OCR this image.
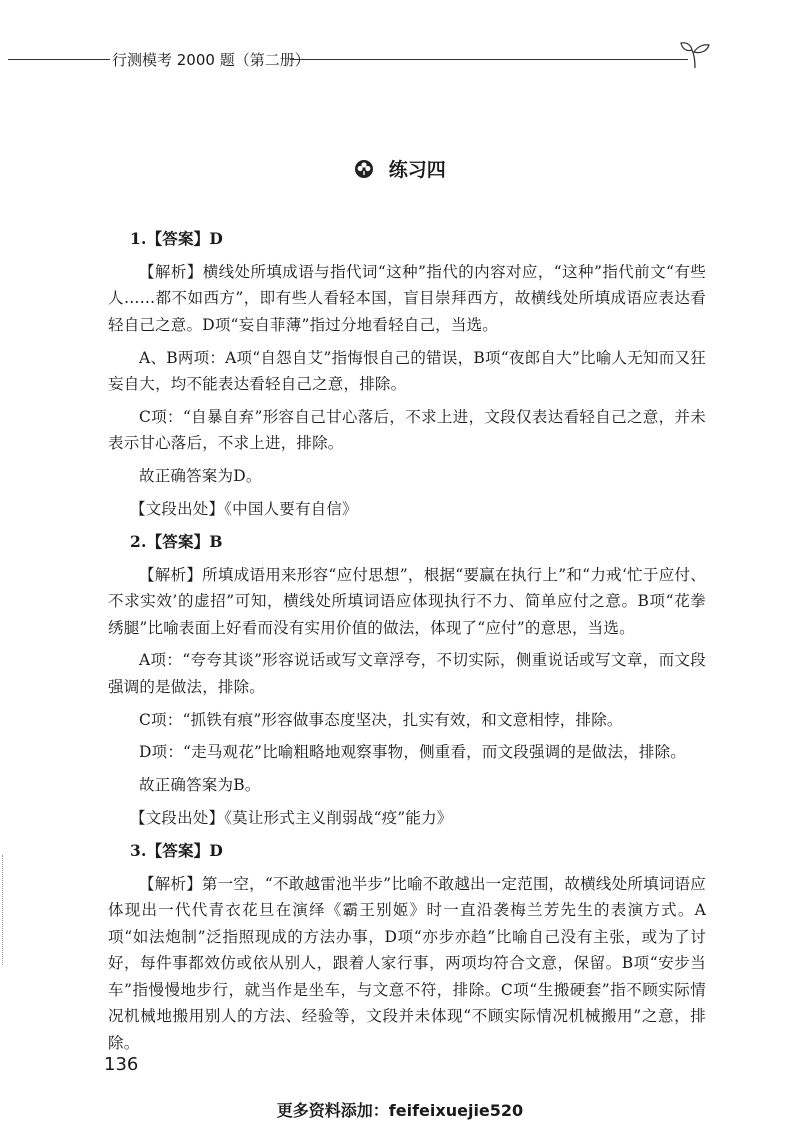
行测模考 2000 题（第二册）
练习四

1.【答案】D

【解析】横线处所填成语与指代词“这种”指代的内容对应，“这种”指代前文“有些人……都不如西方”，即有些人看轻本国，盲目崇拜西方，故横线处所填成语应表达看轻自己之意。D项“妄自菲薄”指过分地看轻自己，当选。

A、B两项：A项“自怨自艾”指悔恨自己的错误，B项“夜郎自大”比喻人无知而又狂妄自大，均不能表达看轻自己之意，排除。

C项：“自暴自弃”形容自己甘心落后，不求上进，文段仅表达看轻自己之意，并未表示甘心落后，不求上进，排除。

故正确答案为D。

【文段出处】《中国人要有自信》

2.【答案】B

【解析】所填成语用来形容“应付思想”，根据“要赢在执行上”和“力戒‘忙于应付、不求实效’的虚招”可知，横线处所填词语应体现执行不力、简单应付之意。B项“花拳绣腿”比喻表面上好看而没有实用价值的做法，体现了“应付”的意思，当选。

A项：“夸夸其谈”形容说话或写文章浮夸，不切实际，侧重说话或写文章，而文段强调的是做法，排除。

C项：“抓铁有痕”形容做事态度坚决，扎实有效，和文意相悖，排除。

D项：“走马观花”比喻粗略地观察事物，侧重看，而文段强调的是做法，排除。

故正确答案为B。

【文段出处】《莫让形式主义削弱战“疫”能力》

3.【答案】D

【解析】第一空，“不敢越雷池半步”比喻不敢越出一定范围，故横线处所填词语应体现出一代代青衣花旦在演绎《霸王别姬》时一直沿袭梅兰芳先生的表演方式。A项“如法炮制”泛指照现成的方法办事，D项“亦步亦趋”比喻自己没有主张，或为了讨好，每件事都效仿或依从别人，跟着人家行事，两项均符合文意，保留。B项“安步当车”指慢慢地步行，就当作是坐车，与文意不符，排除。C项“生搬硬套”指不顾实际情况机械地搬用别人的方法、经验等，文段并未体现“不顾实际情况机械搬用”之意，排除。

136
更多资料添加：feifeixuejie520
